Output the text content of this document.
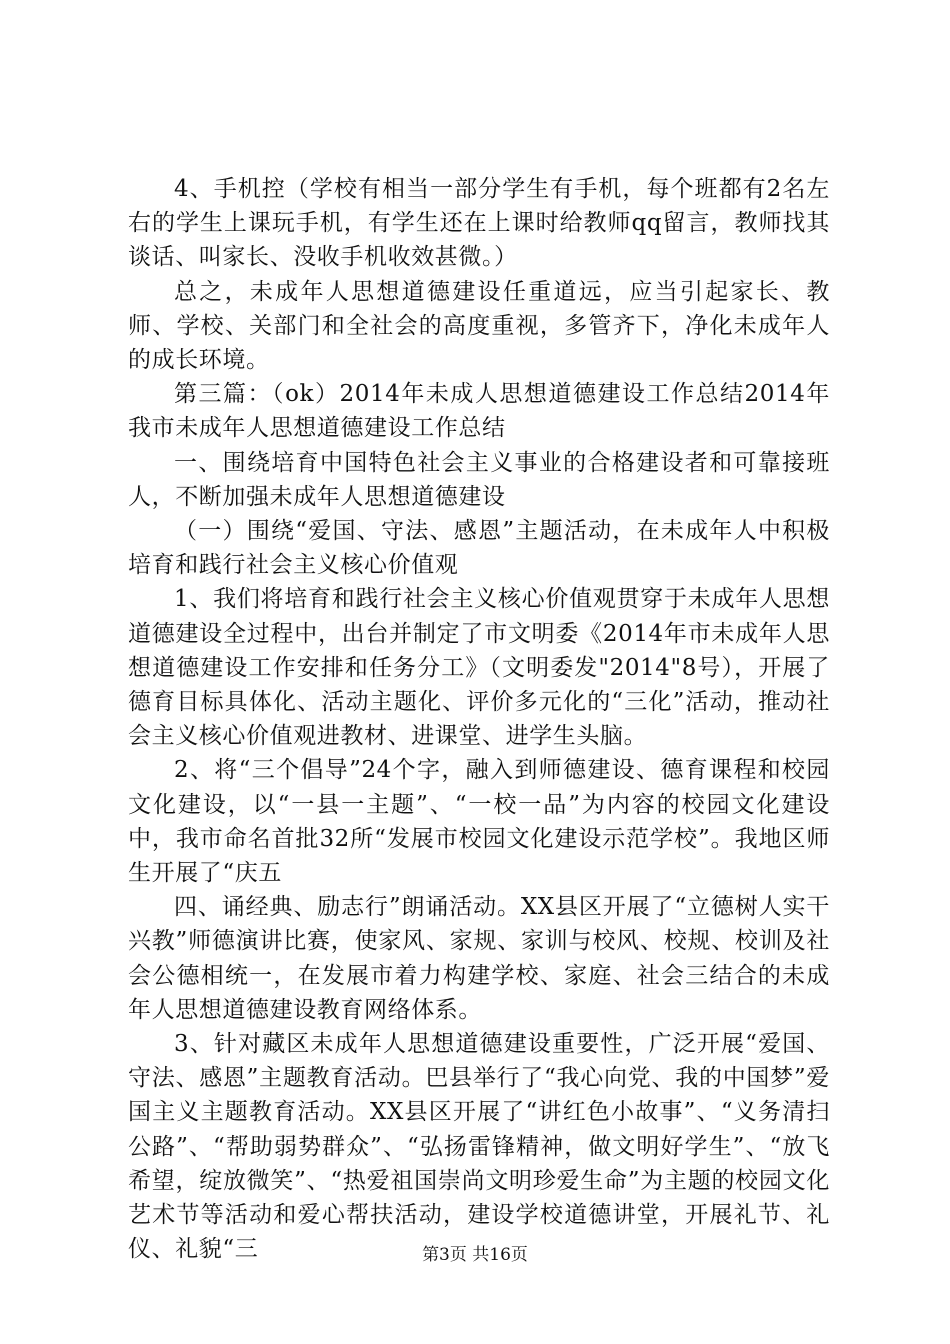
4、手机控（学校有相当一部分学生有手机，每个班都有2名左右的学生上课玩手机，有学生还在上课时给教师qq留言，教师找其谈话、叫家长、没收手机收效甚微。）

总之，未成年人思想道德建设任重道远，应当引起家长、教师、学校、关部门和全社会的高度重视，多管齐下，净化未成年人的成长环境。

第三篇：（ok）2014年未成人思想道德建设工作总结2014年我市未成年人思想道德建设工作总结

一、围绕培育中国特色社会主义事业的合格建设者和可靠接班人，不断加强未成年人思想道德建设

（一）围绕“爱国、守法、感恩”主题活动，在未成年人中积极培育和践行社会主义核心价值观

1、我们将培育和践行社会主义核心价值观贯穿于未成年人思想道德建设全过程中，出台并制定了市文明委《2014年市未成年人思想道德建设工作安排和任务分工》（文明委发"2014"8号），开展了德育目标具体化、活动主题化、评价多元化的“三化”活动，推动社会主义核心价值观进教材、进课堂、进学生头脑。

2、将“三个倡导”24个字，融入到师德建设、德育课程和校园文化建设，以“一县一主题”、“一校一品”为内容的校园文化建设中，我市命名首批32所“发展市校园文化建设示范学校”。我地区师生开展了“庆五

四、诵经典、励志行”朗诵活动。XX县区开展了“立德树人实干兴教”师德演讲比赛，使家风、家规、家训与校风、校规、校训及社会公德相统一，在发展市着力构建学校、家庭、社会三结合的未成年人思想道德建设教育网络体系。

3、针对藏区未成年人思想道德建设重要性，广泛开展“爱国、守法、感恩”主题教育活动。巴县举行了“我心向党、我的中国梦”爱国主义主题教育活动。XX县区开展了“讲红色小故事”、“义务清扫公路”、“帮助弱势群众”、“弘扬雷锋精神，做文明好学生”、“放飞希望，绽放微笑”、“热爱祖国崇尚文明珍爱生命”为主题的校园文化艺术节等活动和爱心帮扶活动，建设学校道德讲堂，开展礼节、礼仪、礼貌“三	第3页 共16页
